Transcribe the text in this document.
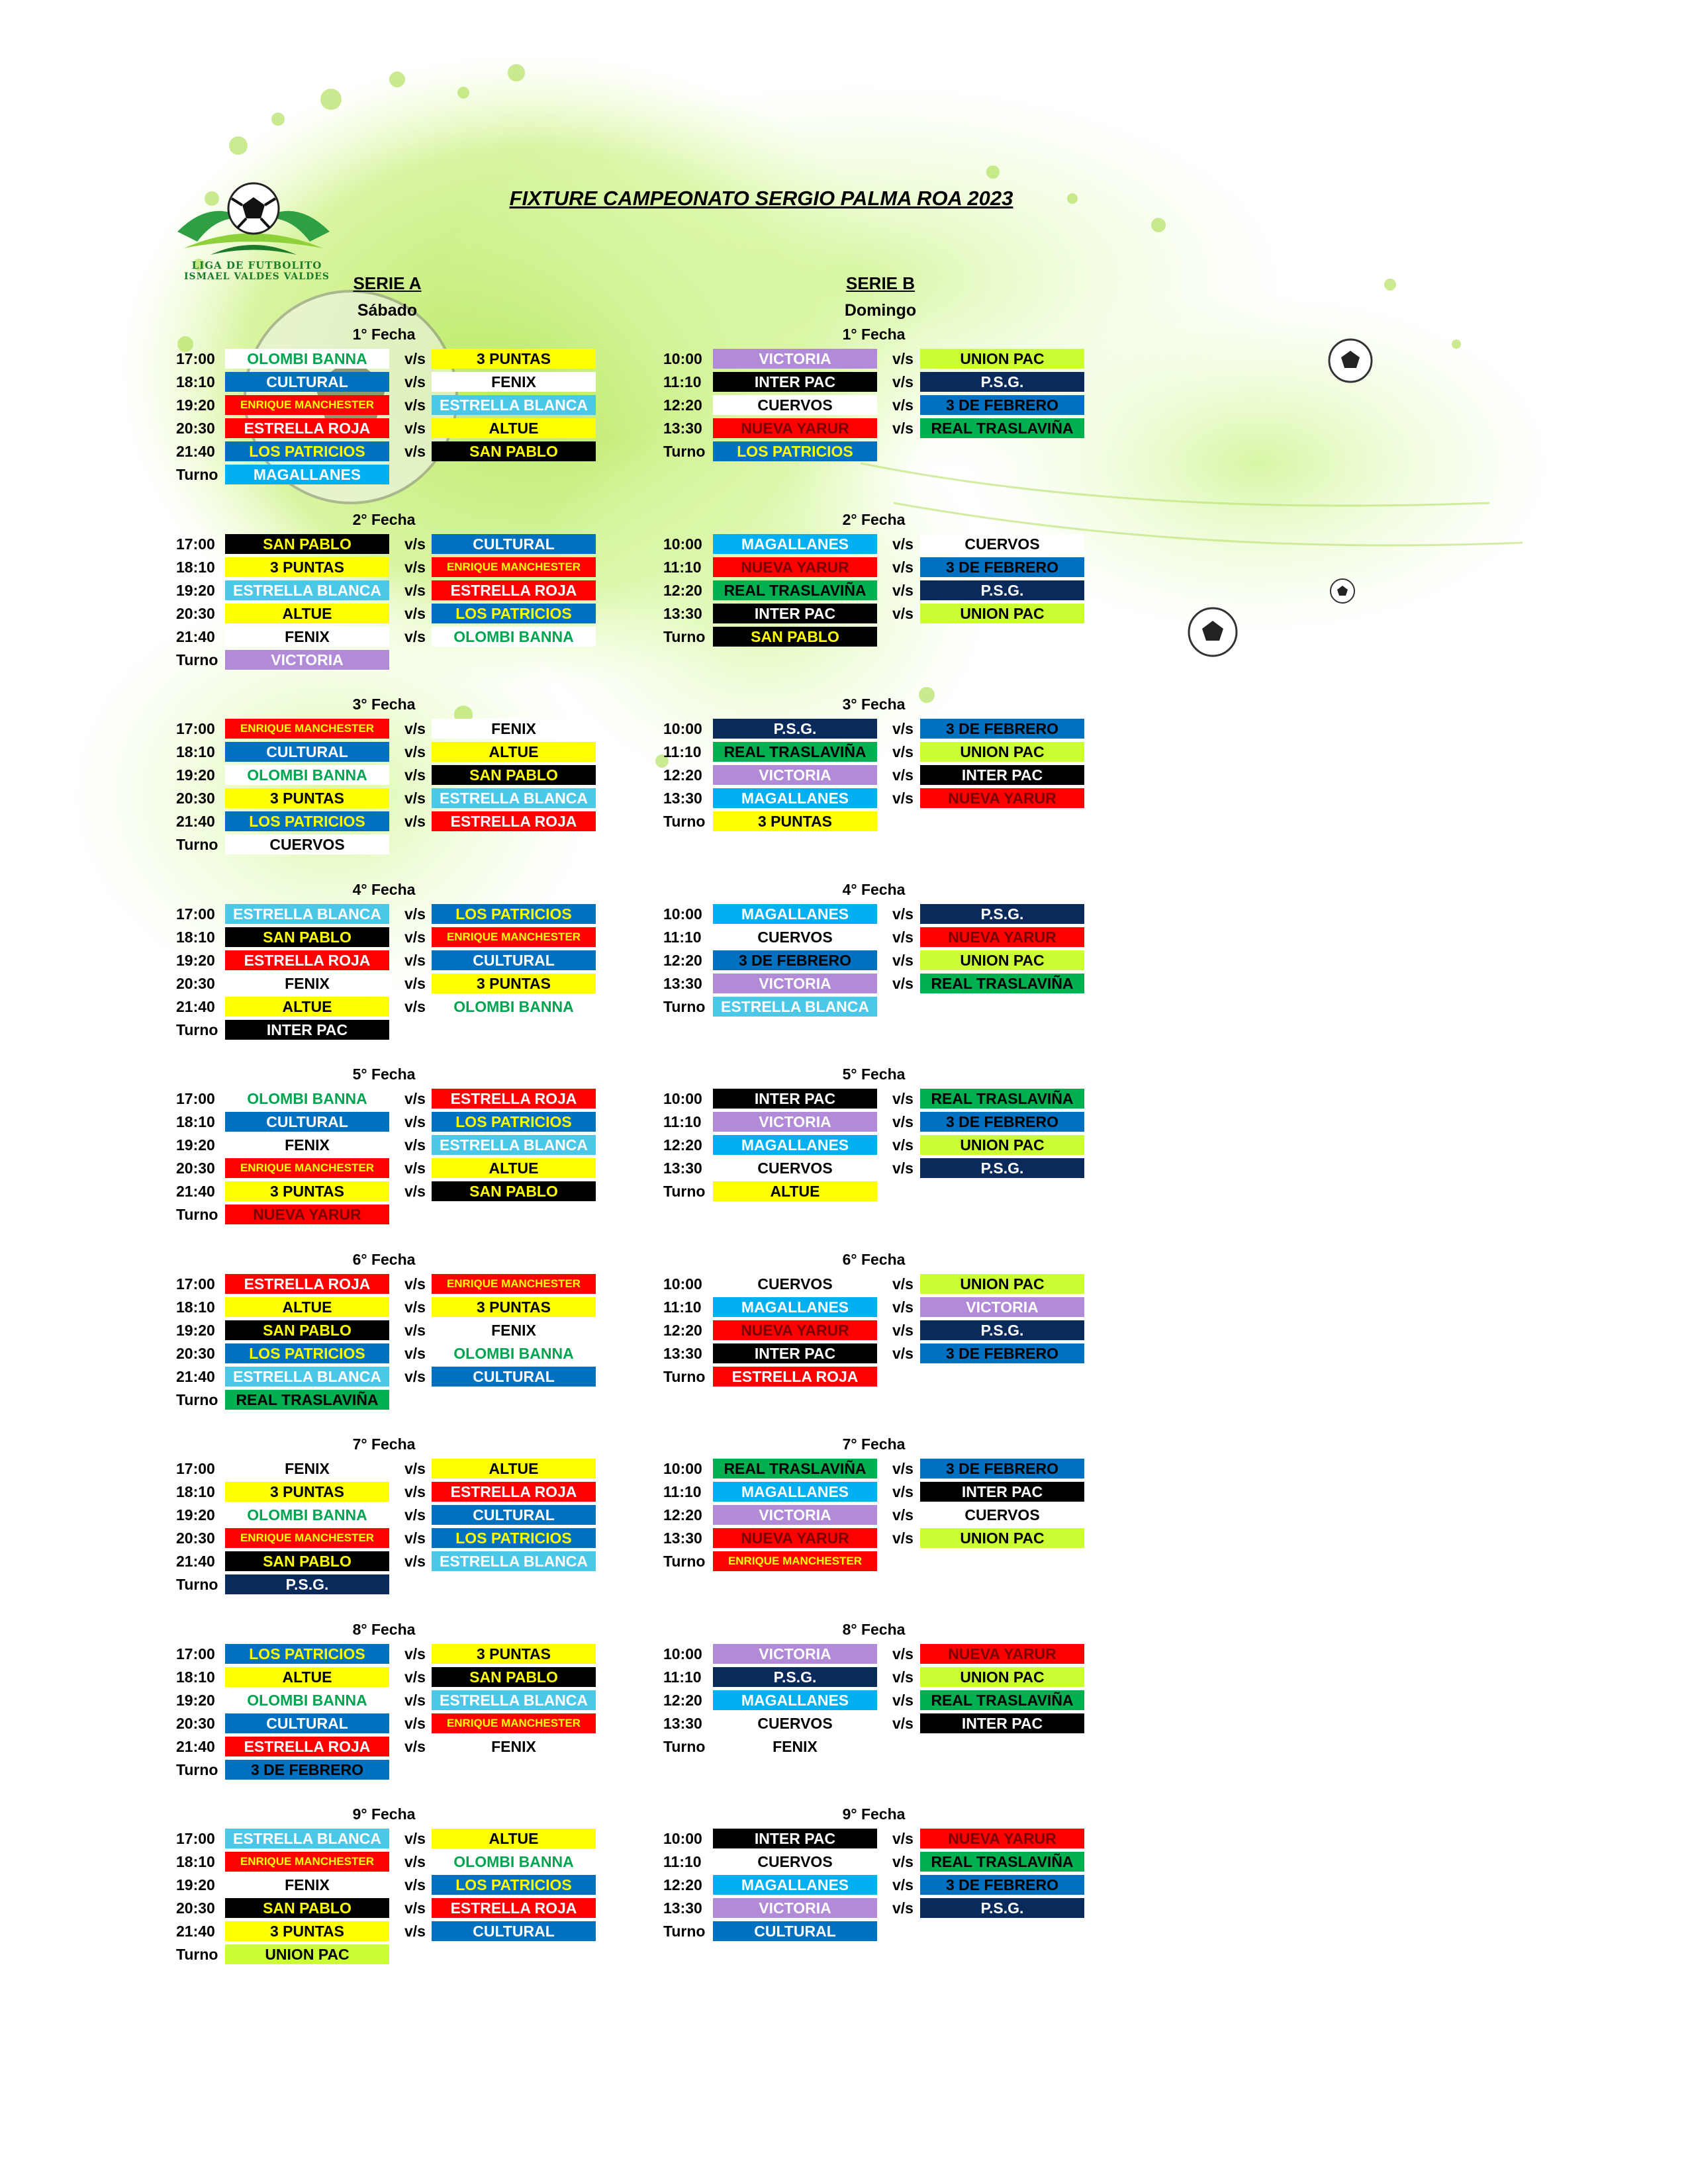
LIGA DE FUTBOLITO
ISMAEL VALDES VALDES
FIXTURE CAMPEONATO SERGIO PALMA ROA 2023
SERIE A
Sábado
SERIE B
Domingo
1° Fecha
17:00	OLOMBI BANNA	v/s	3 PUNTAS
18:10	CULTURAL	v/s	FENIX
19:20	ENRIQUE MANCHESTER	v/s ESTRELLA BLANCA
20:30	ESTRELLA ROJA	v/s	ALTUE
21:40	LOS PATRICIOS	v/s	SAN PABLO
Turno	MAGALLANES
1° Fecha
10:00	VICTORIA	v/s	UNION PAC
11:10	INTER PAC	v/s	P.S.G.
12:20	CUERVOS	v/s	3 DE FEBRERO
13:30	NUEVA YARUR	v/s	REAL TRASLAVIÑA
Turno	LOS PATRICIOS
2° Fecha
17:00	SAN PABLO	v/s	CULTURAL
18:10	3 PUNTAS	v/s	ENRIQUE MANCHESTER
19:20	ESTRELLA BLANCA	v/s	ESTRELLA ROJA
20:30	ALTUE	v/s	LOS PATRICIOS
21:40	FENIX	v/s	OLOMBI BANNA
Turno	VICTORIA
2° Fecha
10:00	MAGALLANES	v/s	CUERVOS
11:10	NUEVA YARUR	v/s	3 DE FEBRERO
12:20	REAL TRASLAVIÑA	v/s	P.S.G.
13:30	INTER PAC	v/s	UNION PAC
Turno	SAN PABLO
3° Fecha
17:00	ENRIQUE MANCHESTER	v/s	FENIX
18:10	CULTURAL	v/s	ALTUE
19:20	OLOMBI BANNA	v/s	SAN PABLO
20:30	3 PUNTAS	v/s ESTRELLA BLANCA
21:40	LOS PATRICIOS	v/s	ESTRELLA ROJA
Turno	CUERVOS
3° Fecha
10:00	P.S.G.	v/s	3 DE FEBRERO
11:10	REAL TRASLAVIÑA	v/s	UNION PAC
12:20	VICTORIA	v/s	INTER PAC
13:30	MAGALLANES	v/s	NUEVA YARUR
Turno	3 PUNTAS
4° Fecha
17:00	ESTRELLA BLANCA	v/s	LOS PATRICIOS
18:10	SAN PABLO	v/s	ENRIQUE MANCHESTER
19:20	ESTRELLA ROJA	v/s	CULTURAL
20:30	FENIX	v/s	3 PUNTAS
21:40	ALTUE	v/s	OLOMBI BANNA
Turno	INTER PAC
4° Fecha
10:00	MAGALLANES	v/s	P.S.G.
11:10	CUERVOS	v/s	NUEVA YARUR
12:20	3 DE FEBRERO	v/s	UNION PAC
13:30	VICTORIA	v/s	REAL TRASLAVIÑA
Turno	ESTRELLA BLANCA
5° Fecha
17:00	OLOMBI BANNA	v/s	ESTRELLA ROJA
18:10	CULTURAL	v/s	LOS PATRICIOS
19:20	FENIX	v/s ESTRELLA BLANCA
20:30	ENRIQUE MANCHESTER	v/s	ALTUE
21:40	3 PUNTAS	v/s	SAN PABLO
Turno	NUEVA YARUR
5° Fecha
10:00	INTER PAC	v/s	REAL TRASLAVIÑA
11:10	VICTORIA	v/s	3 DE FEBRERO
12:20	MAGALLANES	v/s	UNION PAC
13:30	CUERVOS	v/s	P.S.G.
Turno	ALTUE
6° Fecha
17:00	ESTRELLA ROJA	v/s	ENRIQUE MANCHESTER
18:10	ALTUE	v/s	3 PUNTAS
19:20	SAN PABLO	v/s	FENIX
20:30	LOS PATRICIOS	v/s	OLOMBI BANNA
21:40	ESTRELLA BLANCA	v/s	CULTURAL
Turno	REAL TRASLAVIÑA
6° Fecha
10:00	CUERVOS	v/s	UNION PAC
11:10	MAGALLANES	v/s	VICTORIA
12:20	NUEVA YARUR	v/s	P.S.G.
13:30	INTER PAC	v/s	3 DE FEBRERO
Turno	ESTRELLA ROJA
7° Fecha
17:00	FENIX	v/s	ALTUE
18:10	3 PUNTAS	v/s	ESTRELLA ROJA
19:20	OLOMBI BANNA	v/s	CULTURAL
20:30	ENRIQUE MANCHESTER	v/s	LOS PATRICIOS
21:40	SAN PABLO	v/s ESTRELLA BLANCA
Turno	P.S.G.
7° Fecha
10:00	REAL TRASLAVIÑA	v/s	3 DE FEBRERO
11:10	MAGALLANES	v/s	INTER PAC
12:20	VICTORIA	v/s	CUERVOS
13:30	NUEVA YARUR	v/s	UNION PAC
Turno	ENRIQUE MANCHESTER
8° Fecha
17:00	LOS PATRICIOS	v/s	3 PUNTAS
18:10	ALTUE	v/s	SAN PABLO
19:20	OLOMBI BANNA	v/s ESTRELLA BLANCA
20:30	CULTURAL	v/s	ENRIQUE MANCHESTER
21:40	ESTRELLA ROJA	v/s	FENIX
Turno	3 DE FEBRERO
8° Fecha
10:00	VICTORIA	v/s	NUEVA YARUR
11:10	P.S.G.	v/s	UNION PAC
12:20	MAGALLANES	v/s	REAL TRASLAVIÑA
13:30	CUERVOS	v/s	INTER PAC
Turno	FENIX
9° Fecha
17:00	ESTRELLA BLANCA	v/s	ALTUE
18:10	ENRIQUE MANCHESTER	v/s	OLOMBI BANNA
19:20	FENIX	v/s	LOS PATRICIOS
20:30	SAN PABLO	v/s	ESTRELLA ROJA
21:40	3 PUNTAS	v/s	CULTURAL
Turno	UNION PAC
9° Fecha
10:00	INTER PAC	v/s	NUEVA YARUR
11:10	CUERVOS	v/s	REAL TRASLAVIÑA
12:20	MAGALLANES	v/s	3 DE FEBRERO
13:30	VICTORIA	v/s	P.S.G.
Turno	CULTURAL
